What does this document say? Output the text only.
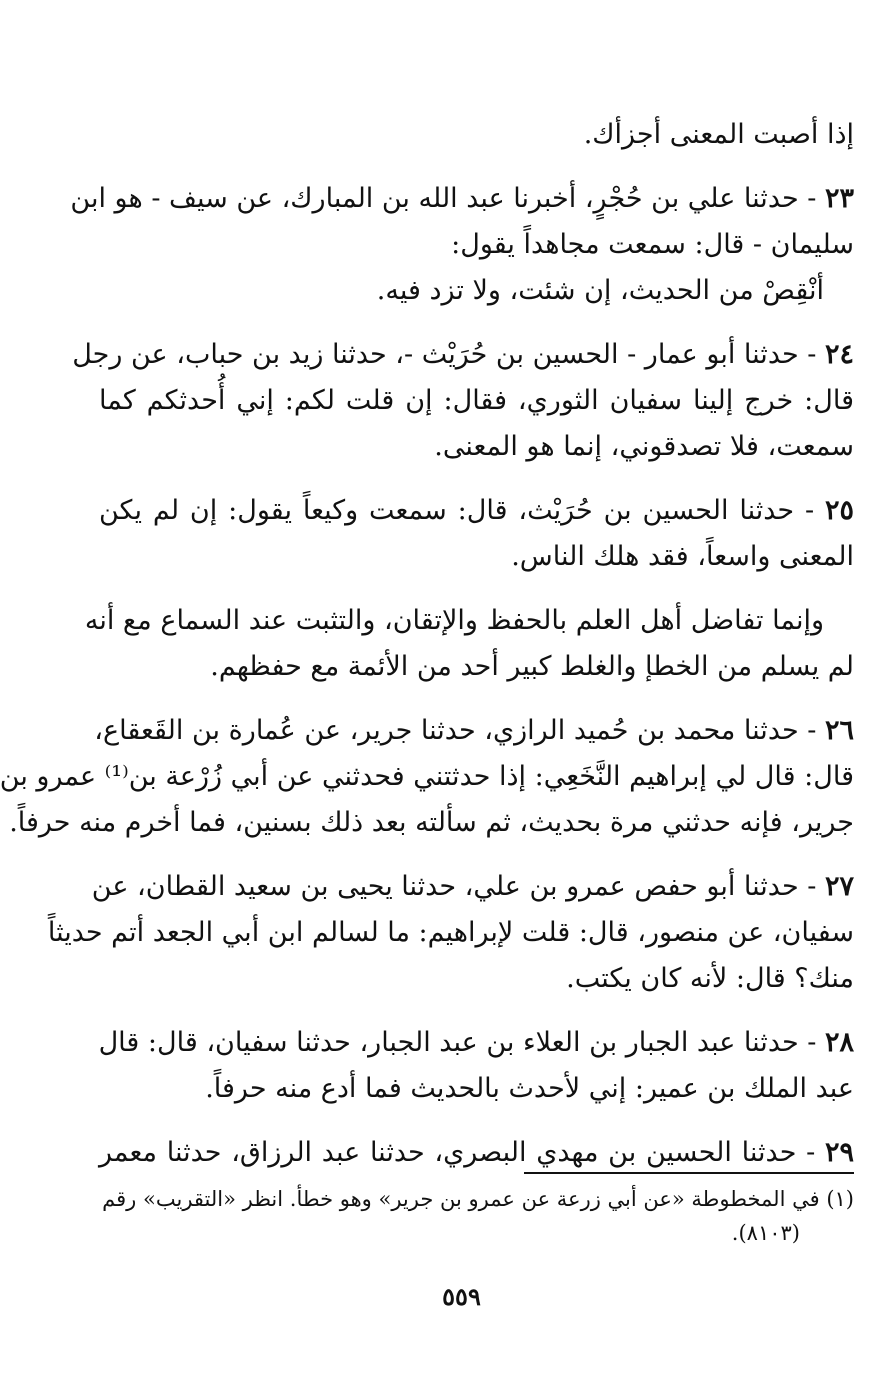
إذا أصبت المعنى أجزأك.
٢٣ - حدثنا علي بن حُجْرٍ، أخبرنا عبد الله بن المبارك، عن سيف - هو ابن
سليمان - قال: سمعت مجاهداً يقول:
أنْقِصْ من الحديث، إن شئت، ولا تزد فيه.
٢٤ - حدثنا أبو عمار - الحسين بن حُرَيْث -، حدثنا زيد بن حباب، عن رجل
قال: خرج إلينا سفيان الثوري، فقال: إن قلت لكم: إني أُحدثكم كما
سمعت، فلا تصدقوني، إنما هو المعنى.
٢٥ - حدثنا الحسين بن حُرَيْث، قال: سمعت وكيعاً يقول: إن لم يكن
المعنى واسعاً، فقد هلك الناس.
وإنما تفاضل أهل العلم بالحفظ والإتقان، والتثبت عند السماع مع أنه
لم يسلم من الخطإ والغلط كبير أحد من الأئمة مع حفظهم.
٢٦ - حدثنا محمد بن حُميد الرازي، حدثنا جرير، عن عُمارة بن القَعقاع،
قال: قال لي إبراهيم النَّخَعِي: إذا حدثتني فحدثني عن أبي زُرْعة بن⁽¹⁾ عمرو بن
جرير، فإنه حدثني مرة بحديث، ثم سألته بعد ذلك بسنين، فما أخرم منه حرفاً.
٢٧ - حدثنا أبو حفص عمرو بن علي، حدثنا يحيى بن سعيد القطان، عن
سفيان، عن منصور، قال: قلت لإبراهيم: ما لسالم ابن أبي الجعد أتم حديثاً
منك؟ قال: لأنه كان يكتب.
٢٨ - حدثنا عبد الجبار بن العلاء بن عبد الجبار، حدثنا سفيان، قال: قال
عبد الملك بن عمير: إني لأحدث بالحديث فما أدع منه حرفاً.
٢٩ - حدثنا الحسين بن مهدي البصري، حدثنا عبد الرزاق، حدثنا معمر
(١) في المخطوطة «عن أبي زرعة عن عمرو بن جرير» وهو خطأ. انظر «التقريب» رقم
(٨١٠٣).
٥٥٩
